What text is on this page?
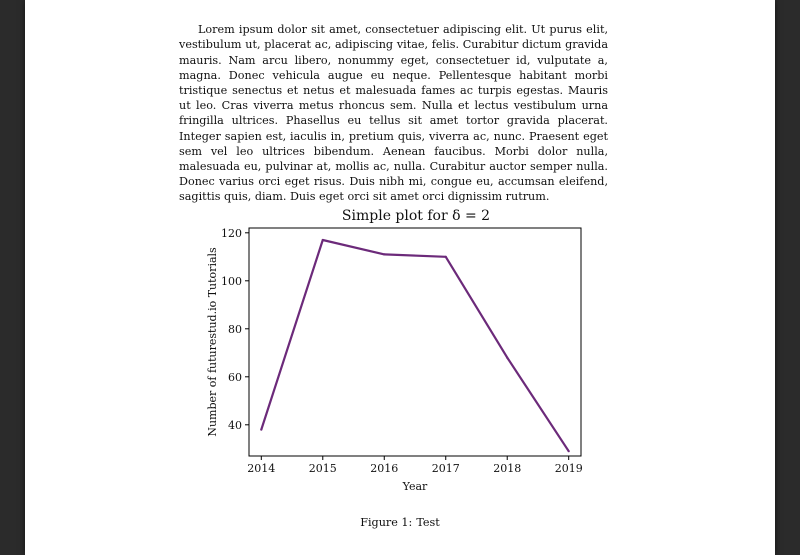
Lorem ipsum dolor sit amet, consectetuer adipiscing elit. Ut purus elit, vestibulum ut, placerat ac, adipiscing vitae, felis. Curabitur dictum gravida mauris. Nam arcu libero, nonummy eget, consectetuer id, vulputate a, magna. Donec vehicula augue eu neque. Pellentesque habitant morbi tristique senectus et netus et malesuada fames ac turpis egestas. Mauris ut leo. Cras viverra metus rhoncus sem. Nulla et lectus vestibulum urna fringilla ultrices. Phasellus eu tellus sit amet tortor gravida placerat. Integer sapien est, iaculis in, pretium quis, viverra ac, nunc. Praesent eget sem vel leo ultrices bibendum. Aenean faucibus. Morbi dolor nulla, malesuada eu, pulvinar at, mollis ac, nulla. Curabitur auctor semper nulla. Donec varius orci eget risus. Duis nibh mi, congue eu, accumsan eleifend, sagittis quis, diam. Duis eget orci sit amet orci dignissim rutrum.

Simple plot for δ = 2
2014	2015	2016	2017	2018	2019
40
60
80
100
120
Year
Number of futurestud.io Tutorials
Figure 1: Test
